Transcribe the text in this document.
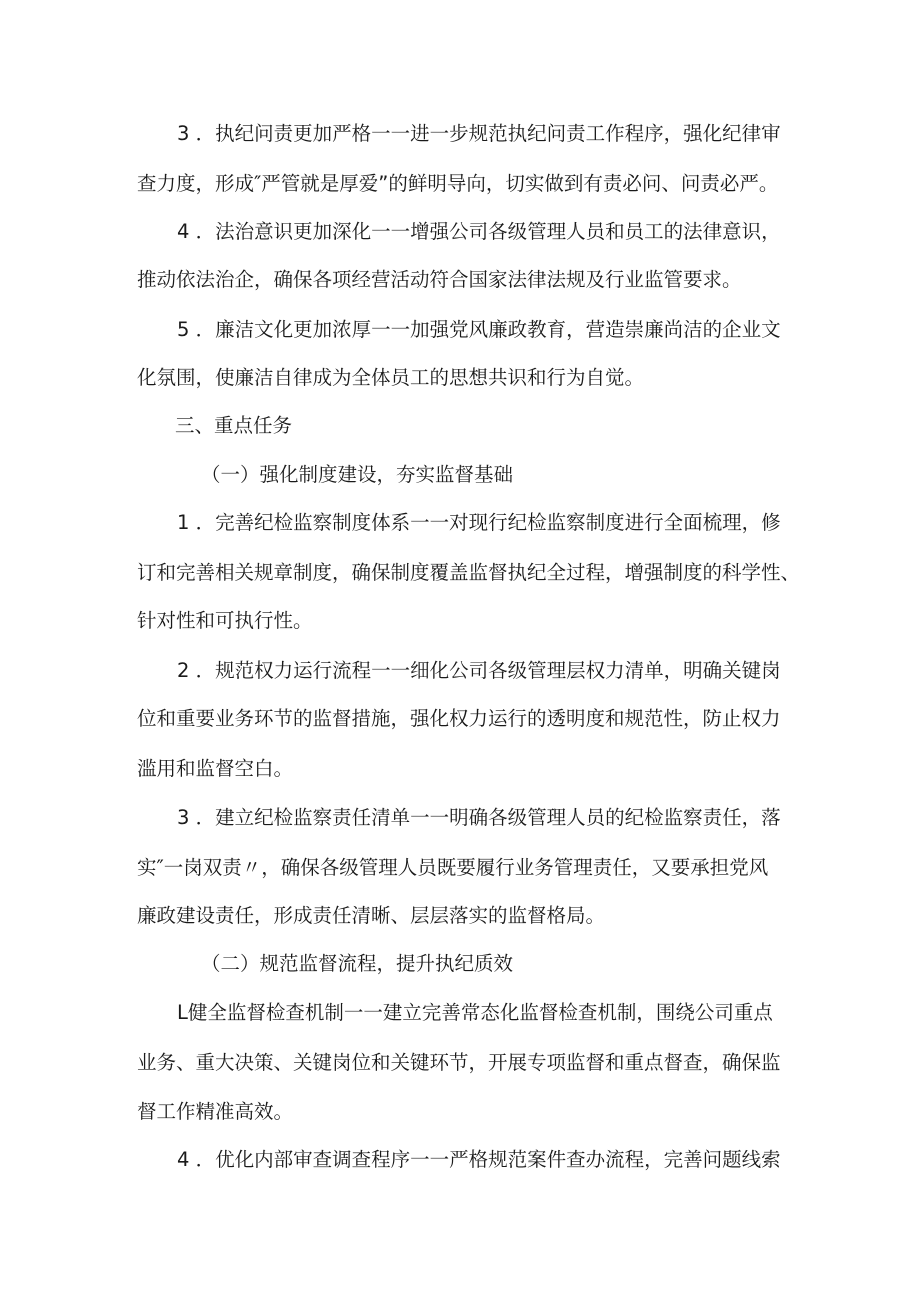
3 ．执纪问责更加严格一一进一步规范执纪问责工作程序，强化纪律审
查力度，形成″严管就是厚爱”的鲜明导向，切实做到有责必问、问责必严。
4 ．法治意识更加深化一一增强公司各级管理人员和员工的法律意识，
推动依法治企，确保各项经营活动符合国家法律法规及行业监管要求。
5 ．廉洁文化更加浓厚一一加强党风廉政教育，营造崇廉尚洁的企业文
化氛围，使廉洁自律成为全体员工的思想共识和行为自觉。
三、重点任务
（一）强化制度建设，夯实监督基础
1 ．完善纪检监察制度体系一一对现行纪检监察制度进行全面梳理，修
订和完善相关规章制度，确保制度覆盖监督执纪全过程，增强制度的科学性、
针对性和可执行性。
2 ．规范权力运行流程一一细化公司各级管理层权力清单，明确关键岗
位和重要业务环节的监督措施，强化权力运行的透明度和规范性，防止权力
滥用和监督空白。
3 ．建立纪检监察责任清单一一明确各级管理人员的纪检监察责任，落
实″一岗双责〃，确保各级管理人员既要履行业务管理责任，又要承担党风
廉政建设责任，形成责任清晰、层层落实的监督格局。
（二）规范监督流程，提升执纪质效
L健全监督检查机制一一建立完善常态化监督检查机制，围绕公司重点
业务、重大决策、关键岗位和关键环节，开展专项监督和重点督查，确保监
督工作精准高效。
4 ．优化内部审查调查程序一一严格规范案件查办流程，完善问题线索
